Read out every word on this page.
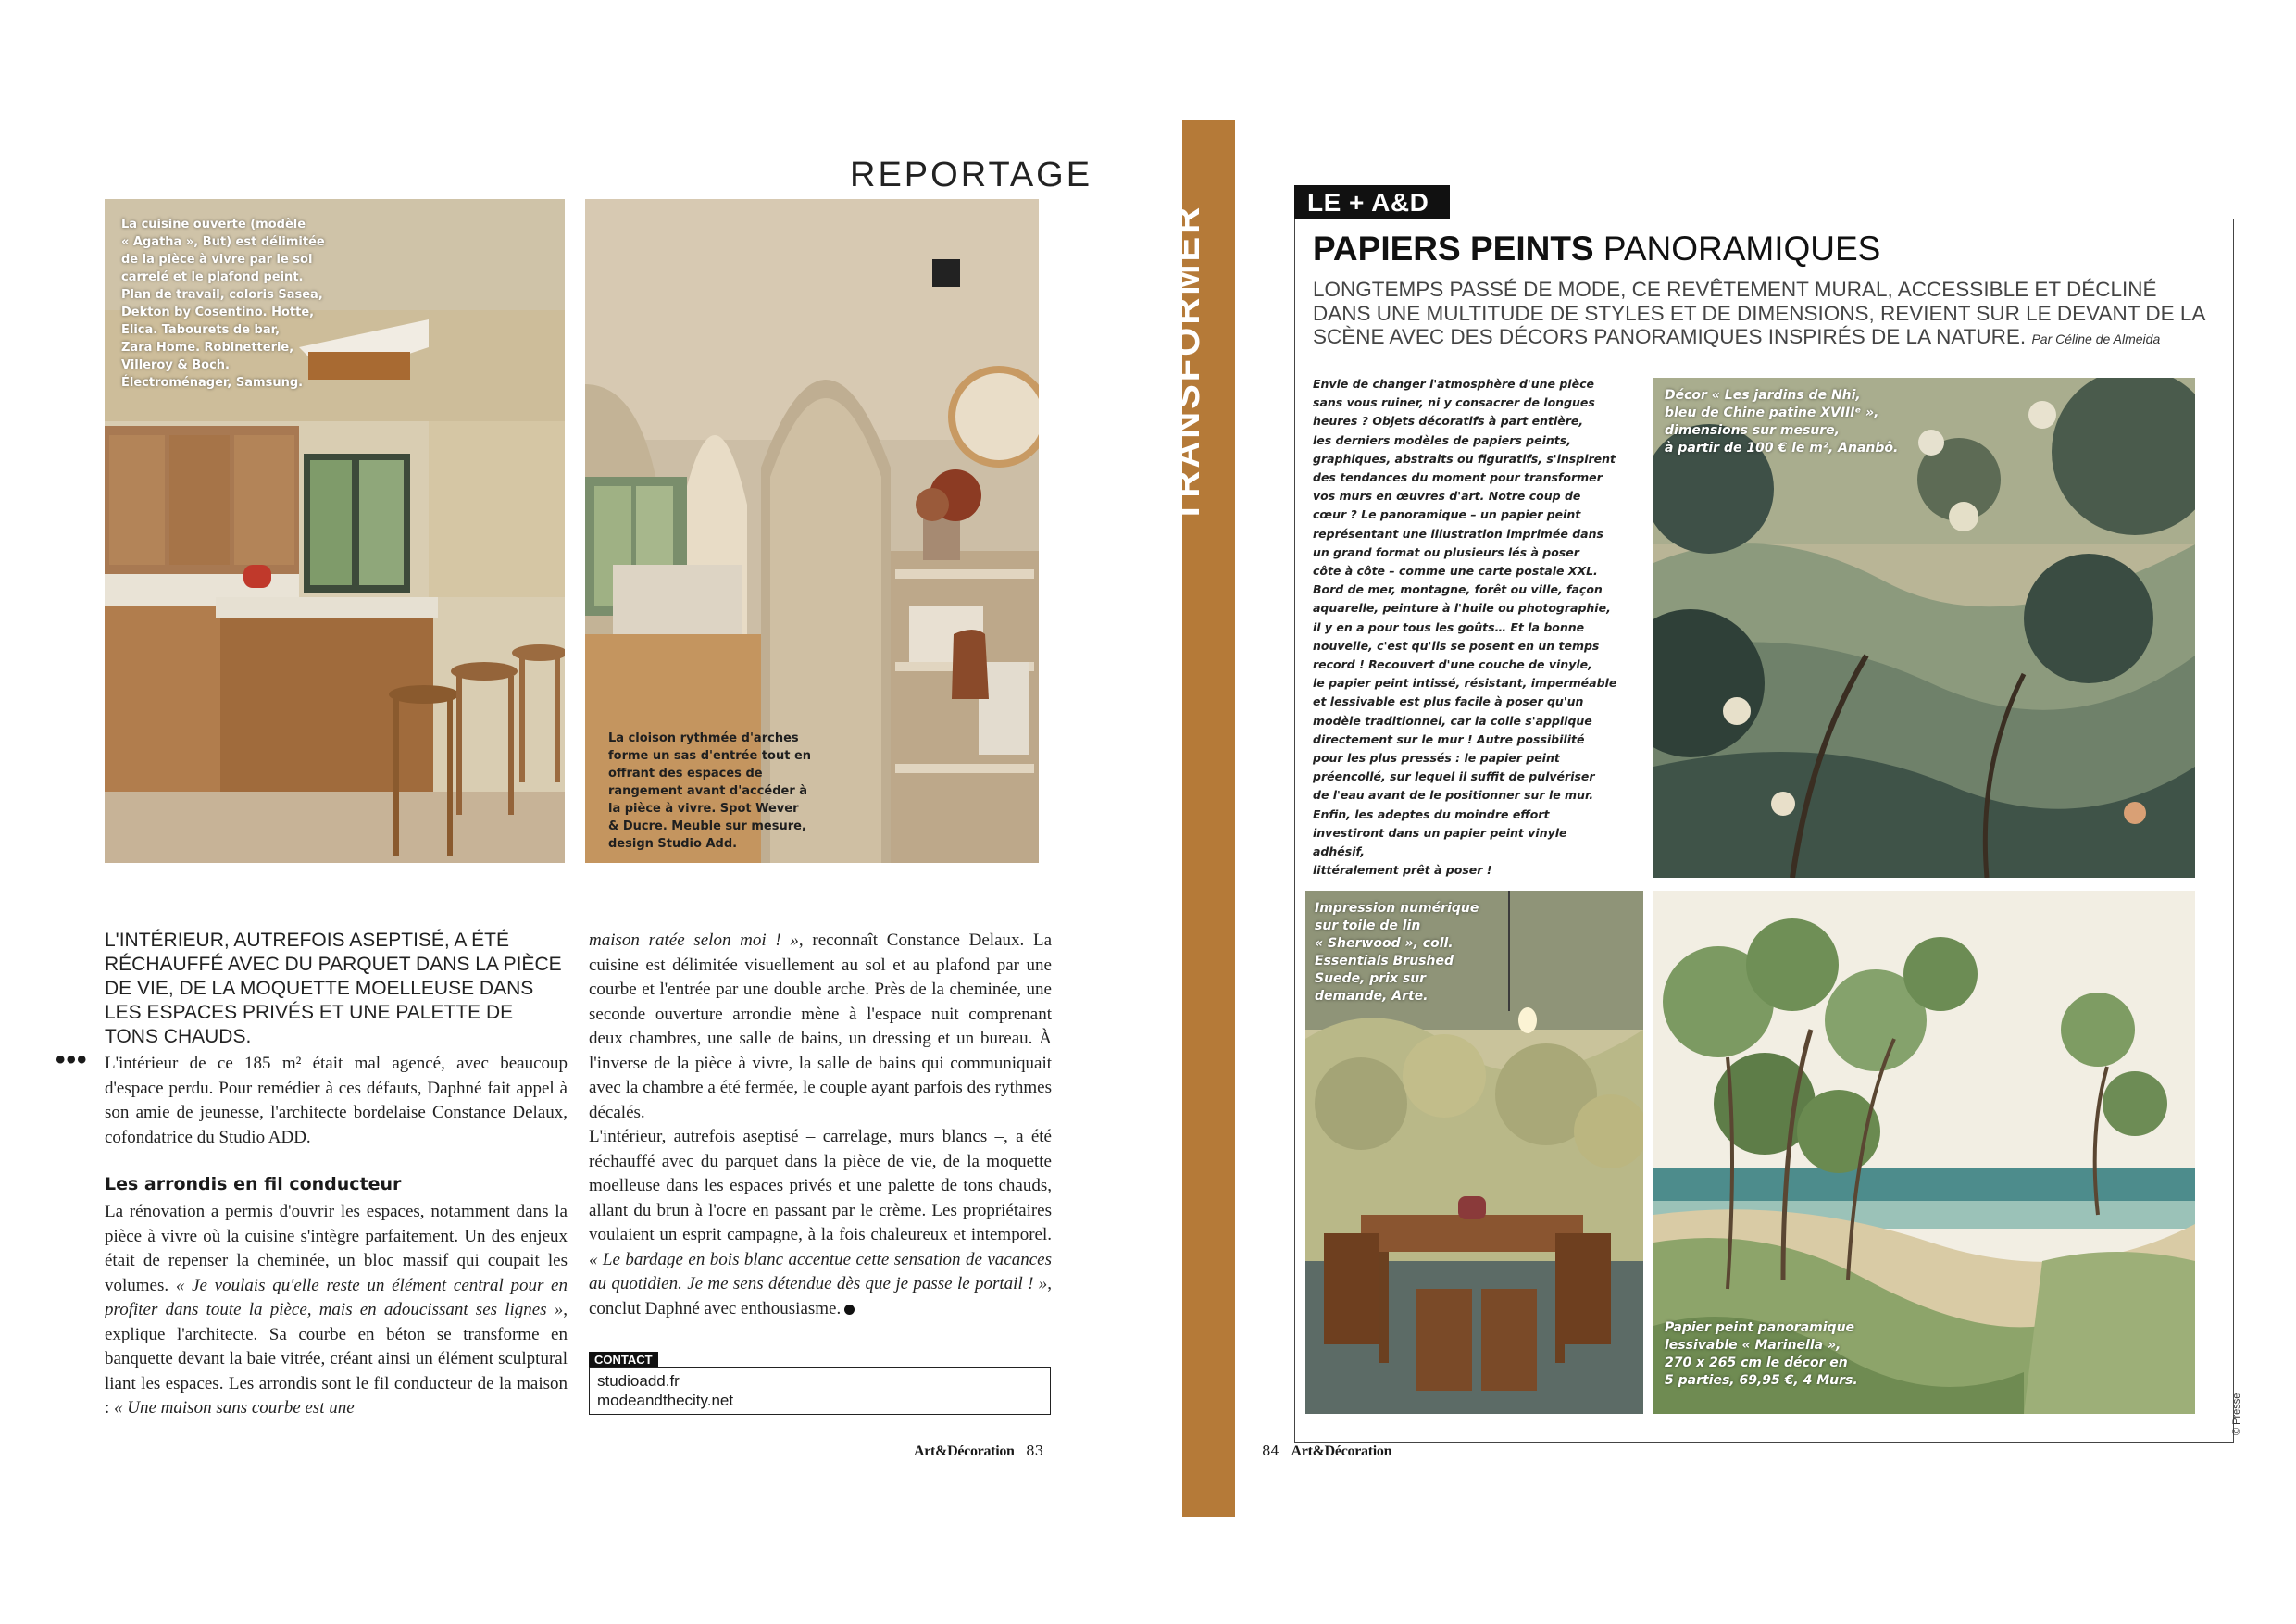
REPORTAGE
La cuisine ouverte (modèle
« Agatha », But) est délimitée
de la pièce à vivre par le sol
carrelé et le plafond peint.
Plan de travail, coloris Sasea,
Dekton by Cosentino. Hotte,
Elica. Tabourets de bar,
Zara Home. Robinetterie,
Villeroy & Boch.
Électroménager, Samsung.
La cloison rythmée d'arches
forme un sas d'entrée tout en
offrant des espaces de
rangement avant d'accéder à
la pièce à vivre. Spot Wever
& Ducre. Meuble sur mesure,
design Studio Add.
L'INTÉRIEUR, AUTREFOIS ASEPTISÉ, A ÉTÉ RÉCHAUFFÉ AVEC DU PARQUET DANS LA PIÈCE DE VIE, DE LA MOQUETTE MOELLEUSE DANS LES ESPACES PRIVÉS ET UNE PALETTE DE TONS CHAUDS.
••• L'intérieur de ce 185 m² était mal agencé, avec beaucoup d'espace perdu. Pour remédier à ces défauts, Daphné fait appel à son amie de jeunesse, l'architecte bordelaise Constance Delaux, cofondatrice du Studio ADD.
Les arrondis en fil conducteur
La rénovation a permis d'ouvrir les espaces, notamment dans la pièce à vivre où la cuisine s'intègre parfaitement. Un des enjeux était de repenser la cheminée, un bloc massif qui coupait les volumes. « Je voulais qu'elle reste un élément central pour en profiter dans toute la pièce, mais en adoucissant ses lignes », explique l'architecte. Sa courbe en béton se transforme en banquette devant la baie vitrée, créant ainsi un élément sculptural liant les espaces. Les arrondis sont le fil conducteur de la maison : « Une maison sans courbe est une
maison ratée selon moi ! », reconnaît Constance Delaux. La cuisine est délimitée visuellement au sol et au plafond par une courbe et l'entrée par une double arche. Près de la cheminée, une seconde ouverture arrondie mène à l'espace nuit comprenant deux chambres, une salle de bains, un dressing et un bureau. À l'inverse de la pièce à vivre, la salle de bains qui communiquait avec la chambre a été fermée, le couple ayant parfois des rythmes décalés.
L'intérieur, autrefois aseptisé – carrelage, murs blancs –, a été réchauffé avec du parquet dans la pièce de vie, de la moquette moelleuse dans les espaces privés et une palette de tons chauds, allant du brun à l'ocre en passant par le crème. Les propriétaires voulaient un esprit campagne, à la fois chaleureux et intemporel. « Le bardage en bois blanc accentue cette sensation de vacances au quotidien. Je me sens détendue dès que je passe le portail ! », conclut Daphné avec enthousiasme.
CONTACT
studioadd.fr
modeandthecity.net
Art&Décoration 83
TRANSFORMER
LE + A&D
PAPIERS PEINTS PANORAMIQUES
LONGTEMPS PASSÉ DE MODE, CE REVÊTEMENT MURAL, ACCESSIBLE ET DÉCLINÉ DANS UNE MULTITUDE DE STYLES ET DE DIMENSIONS, REVIENT SUR LE DEVANT DE LA SCÈNE AVEC DES DÉCORS PANORAMIQUES INSPIRÉS DE LA NATURE. Par Céline de Almeida
Envie de changer l'atmosphère d'une pièce
sans vous ruiner, ni y consacrer de longues
heures ? Objets décoratifs à part entière,
les derniers modèles de papiers peints,
graphiques, abstraits ou figuratifs, s'inspirent
des tendances du moment pour transformer
vos murs en œuvres d'art. Notre coup de
cœur ? Le panoramique – un papier peint
représentant une illustration imprimée dans
un grand format ou plusieurs lés à poser
côte à côte – comme une carte postale XXL.
Bord de mer, montagne, forêt ou ville, façon
aquarelle, peinture à l'huile ou photographie,
il y en a pour tous les goûts… Et la bonne
nouvelle, c'est qu'ils se posent en un temps
record ! Recouvert d'une couche de vinyle,
le papier peint intissé, résistant, imperméable
et lessivable est plus facile à poser qu'un
modèle traditionnel, car la colle s'applique
directement sur le mur ! Autre possibilité
pour les plus pressés : le papier peint
préencollé, sur lequel il suffit de pulvériser
de l'eau avant de le positionner sur le mur.
Enfin, les adeptes du moindre effort
investiront dans un papier peint vinyle adhésif,
littéralement prêt à poser !
Décor « Les jardins de Nhi,
bleu de Chine patine XVIIIᵉ »,
dimensions sur mesure,
à partir de 100 € le m², Ananbô.
Impression numérique
sur toile de lin
« Sherwood », coll.
Essentials Brushed
Suede, prix sur
demande, Arte.
Papier peint panoramique
lessivable « Marinella »,
270 x 265 cm le décor en
5 parties, 69,95 €, 4 Murs.
© Presse
84 Art&Décoration
